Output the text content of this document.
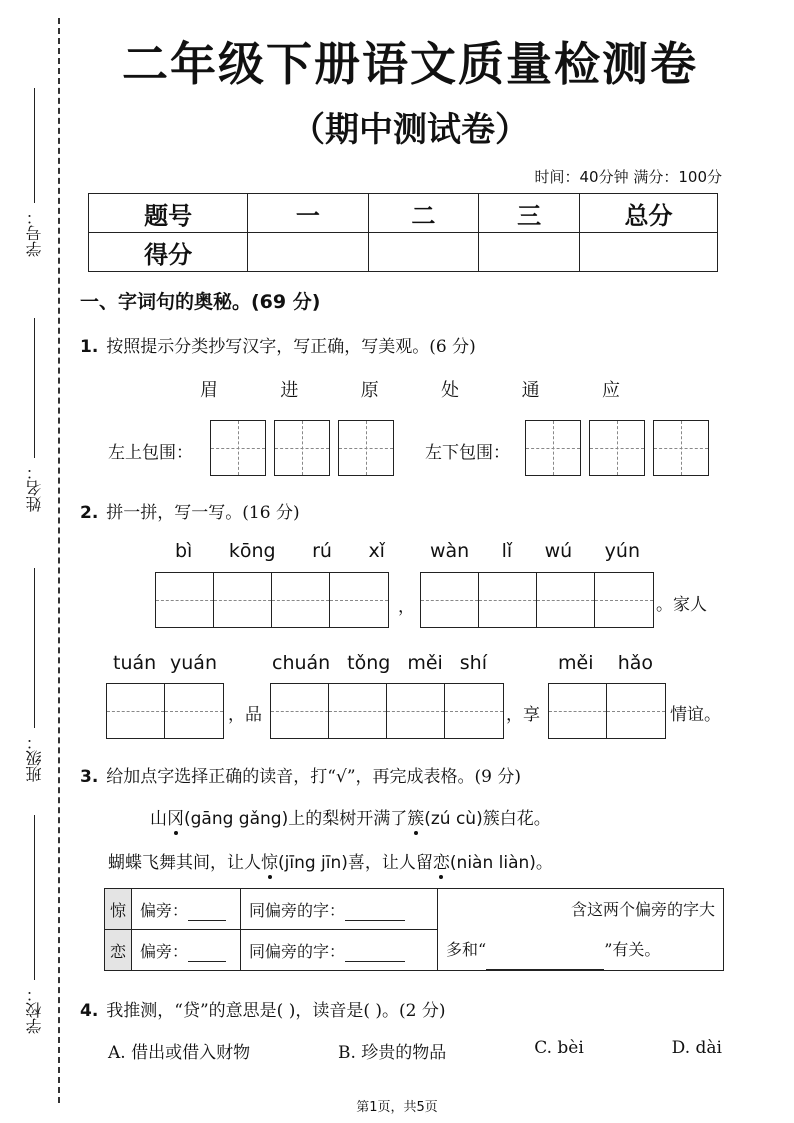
学号：
姓名：
班级：
学校：
二年级下册语文质量检测卷
（期中测试卷）
时间：40分钟 满分：100分
题号	一	二	三	总分
得分				
一、字词句的奥秘。(69 分)
1. 按照提示分类抄写汉字，写正确，写美观。(6 分)
眉	进	原	处	通	应
左上包围：	左下包围：
2. 拼一拼，写一写。(16 分)
bì kōng rú xǐ
，
wàn lǐ wú yún
。家人
tuán yuán
，品
chuán tǒng měi shí
，享
měi hǎo
情谊。
3. 给加点字选择正确的读音，打“√”，再完成表格。(9 分)
山冈(gāng gǎng)上的梨树开满了簇(zú cù)簇白花。
蝴蝶飞舞其间，让人惊(jīng jīn)喜，让人留恋(niàn liàn)。
惊	偏旁：	同偏旁的字：	含这两个偏旁的字大
多和“ ”有关。

恋	偏旁：	同偏旁的字：	
4. 我推测，“贷”的意思是( )，读音是( )。(2 分)
A. 借出或借入财物	B. 珍贵的物品	C. bèi	D. dài
第1页，共5页
